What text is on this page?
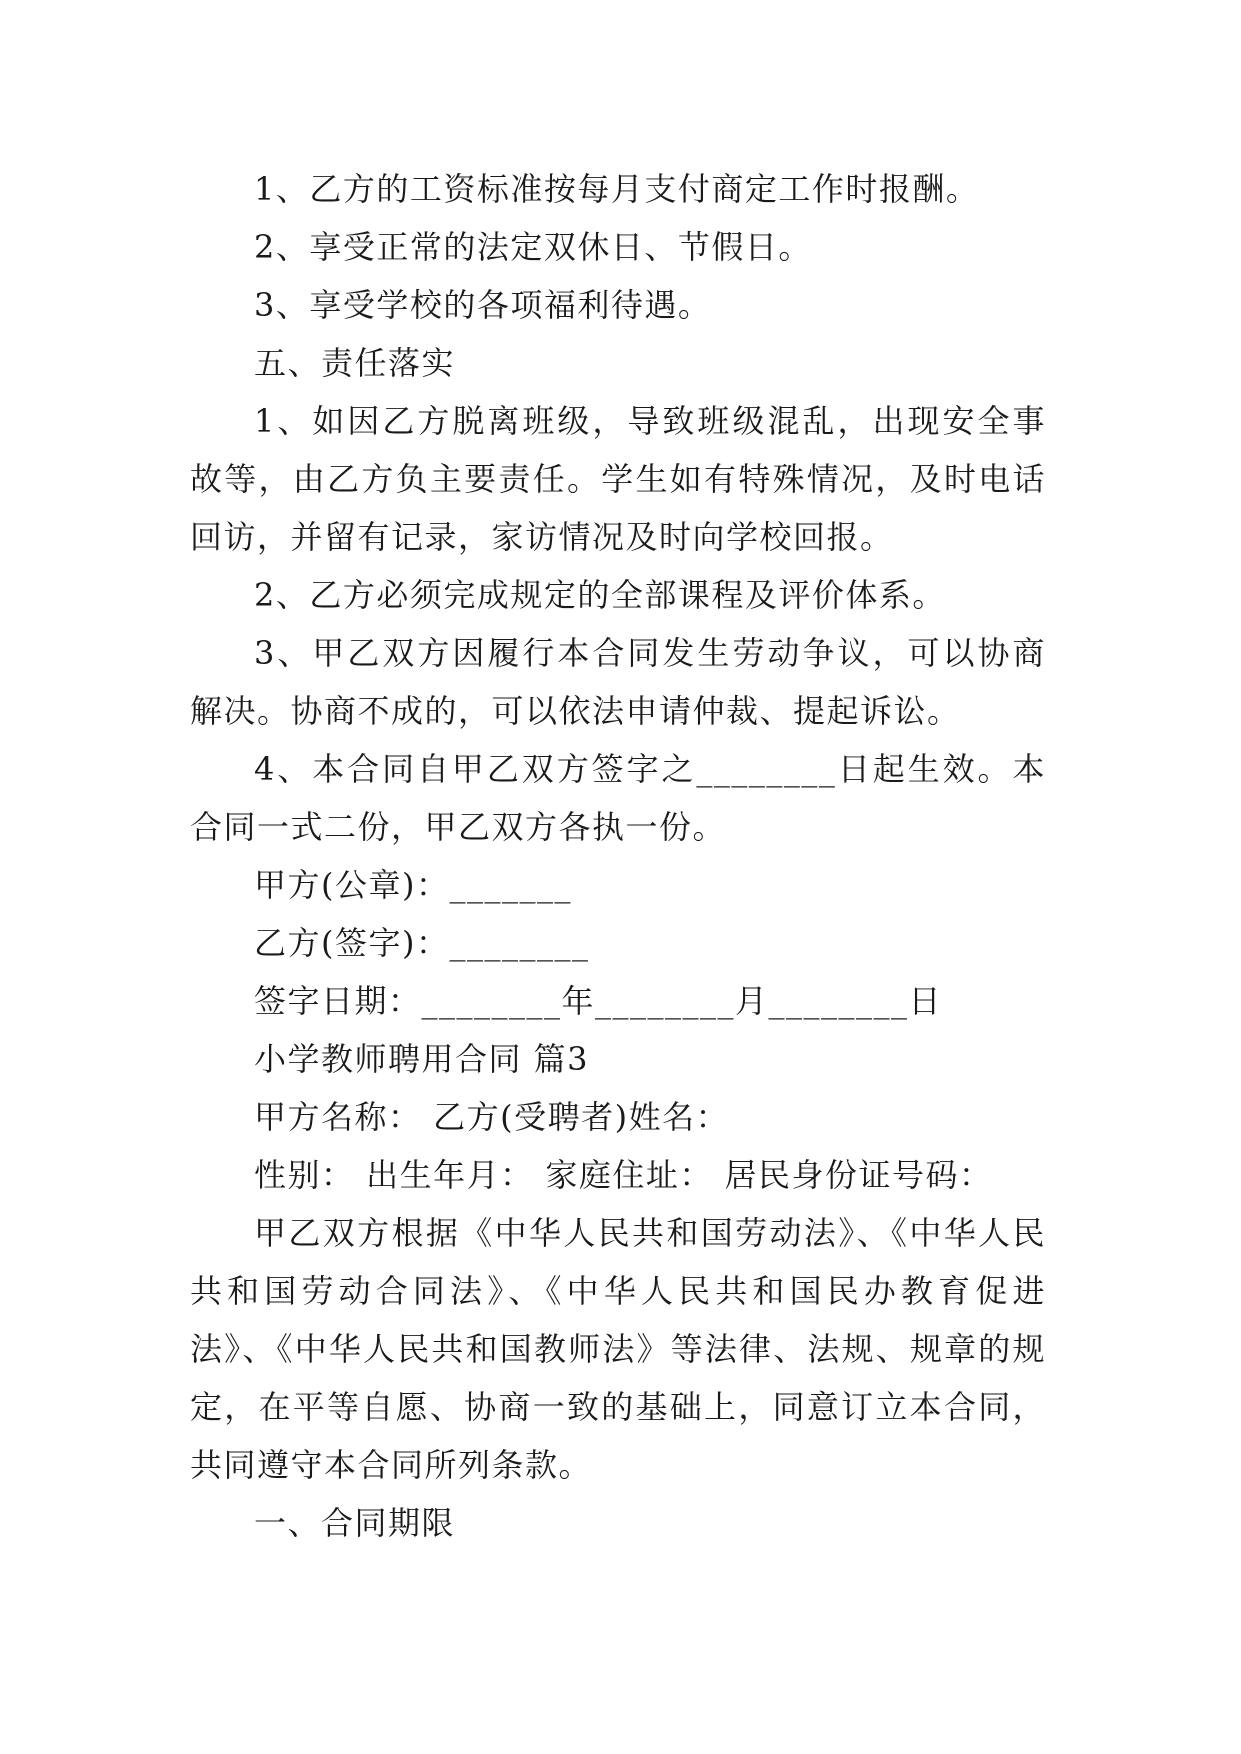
1、乙方的工资标准按每月支付商定工作时报酬。

2、享受正常的法定双休日、节假日。

3、享受学校的各项福利待遇。

五、责任落实

1、如因乙方脱离班级，导致班级混乱，出现安全事故等，由乙方负主要责任。学生如有特殊情况，及时电话回访，并留有记录，家访情况及时向学校回报。

2、乙方必须完成规定的全部课程及评价体系。

3、甲乙双方因履行本合同发生劳动争议，可以协商解决。协商不成的，可以依法申请仲裁、提起诉讼。

4、本合同自甲乙双方签字之________日起生效。本合同一式二份，甲乙双方各执一份。

甲方(公章)：_______

乙方(签字)：________

签字日期：________年________月________日

小学教师聘用合同 篇3

甲方名称： 乙方(受聘者)姓名：

性别： 出生年月： 家庭住址： 居民身份证号码：

甲乙双方根据《中华人民共和国劳动法》、《中华人民共和国劳动合同法》、《中华人民共和国民办教育促进法》、《中华人民共和国教师法》等法律、法规、规章的规定，在平等自愿、协商一致的基础上，同意订立本合同，共同遵守本合同所列条款。

一、合同期限
